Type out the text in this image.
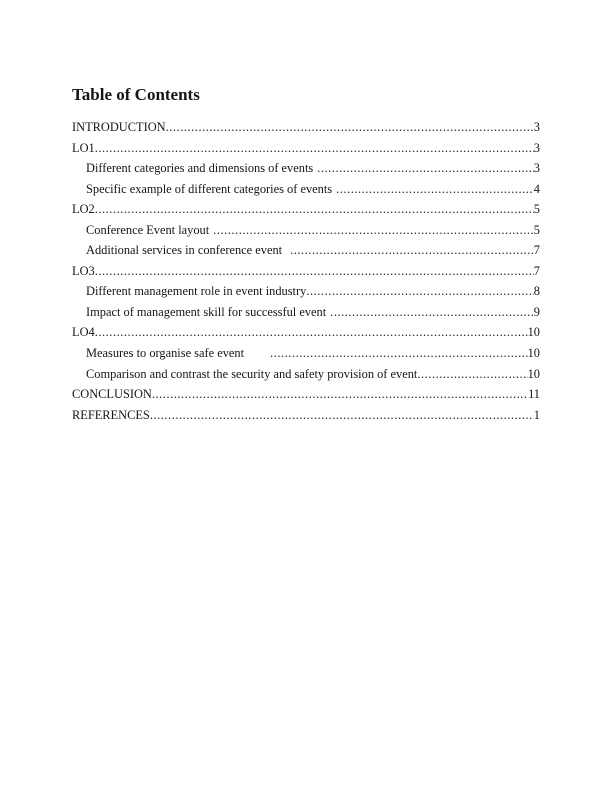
Table of Contents
INTRODUCTION .....	3
LO1 .....	3
Different categories and dimensions of events .....	3
Specific example of different categories of events .....	4
LO2 .....	5
Conference Event layout .....	5
Additional services in conference event .....	7
LO3 .....	7
Different management role in event industry .....	8
Impact of management skill for successful event .....	9
LO4 .....	10
Measures to organise safe event .....	10
Comparison and contrast the security and safety provision of event .....	10
CONCLUSION .....	11
REFERENCES .....	1
